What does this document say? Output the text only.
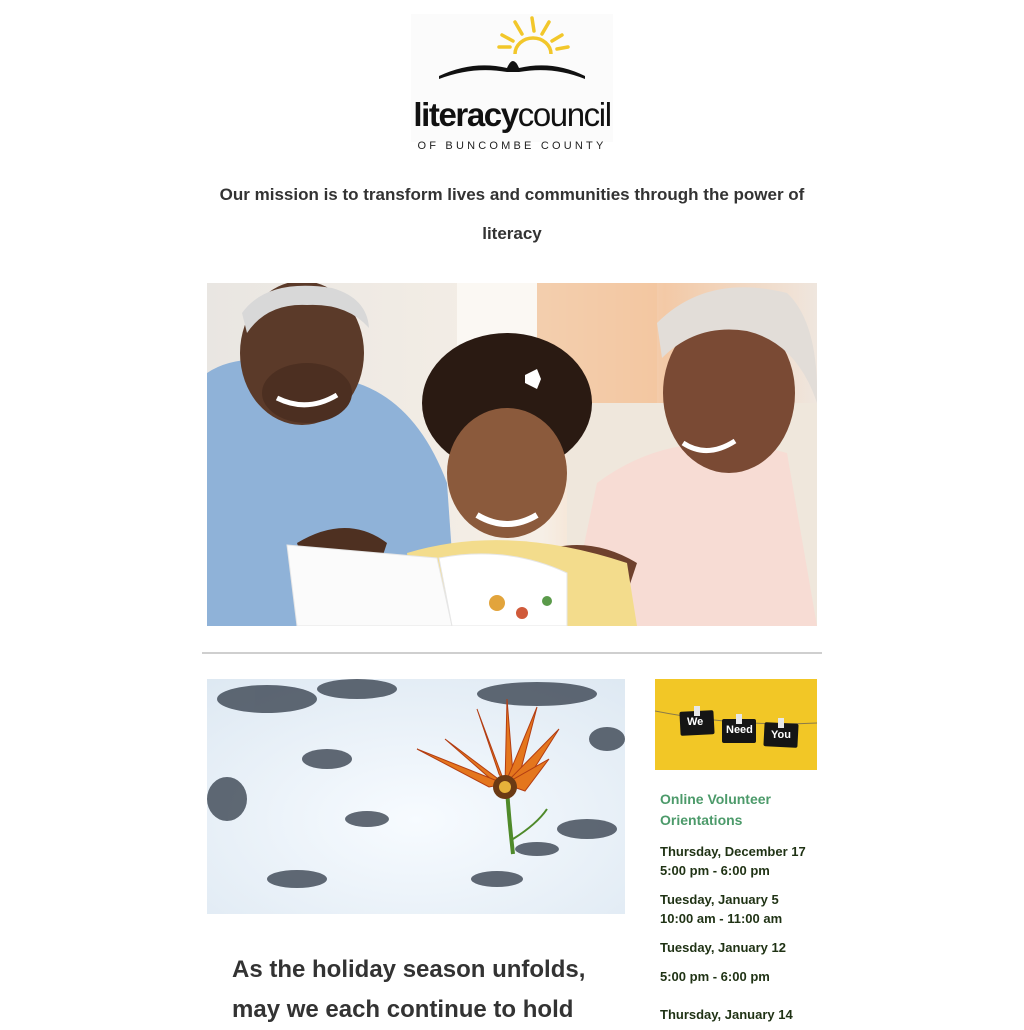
literacycouncil
OF BUNCOMBE COUNTY
Our mission is to transform lives and communities through the power of literacy
As the holiday season unfolds, may we each continue to hold
We
Need You

Online Volunteer Orientations

Thursday, December 17
5:00 pm - 6:00 pm
Tuesday, January 5
10:00 am - 11:00 am
Tuesday, January 12
5:00 pm - 6:00 pm
Thursday, January 14
